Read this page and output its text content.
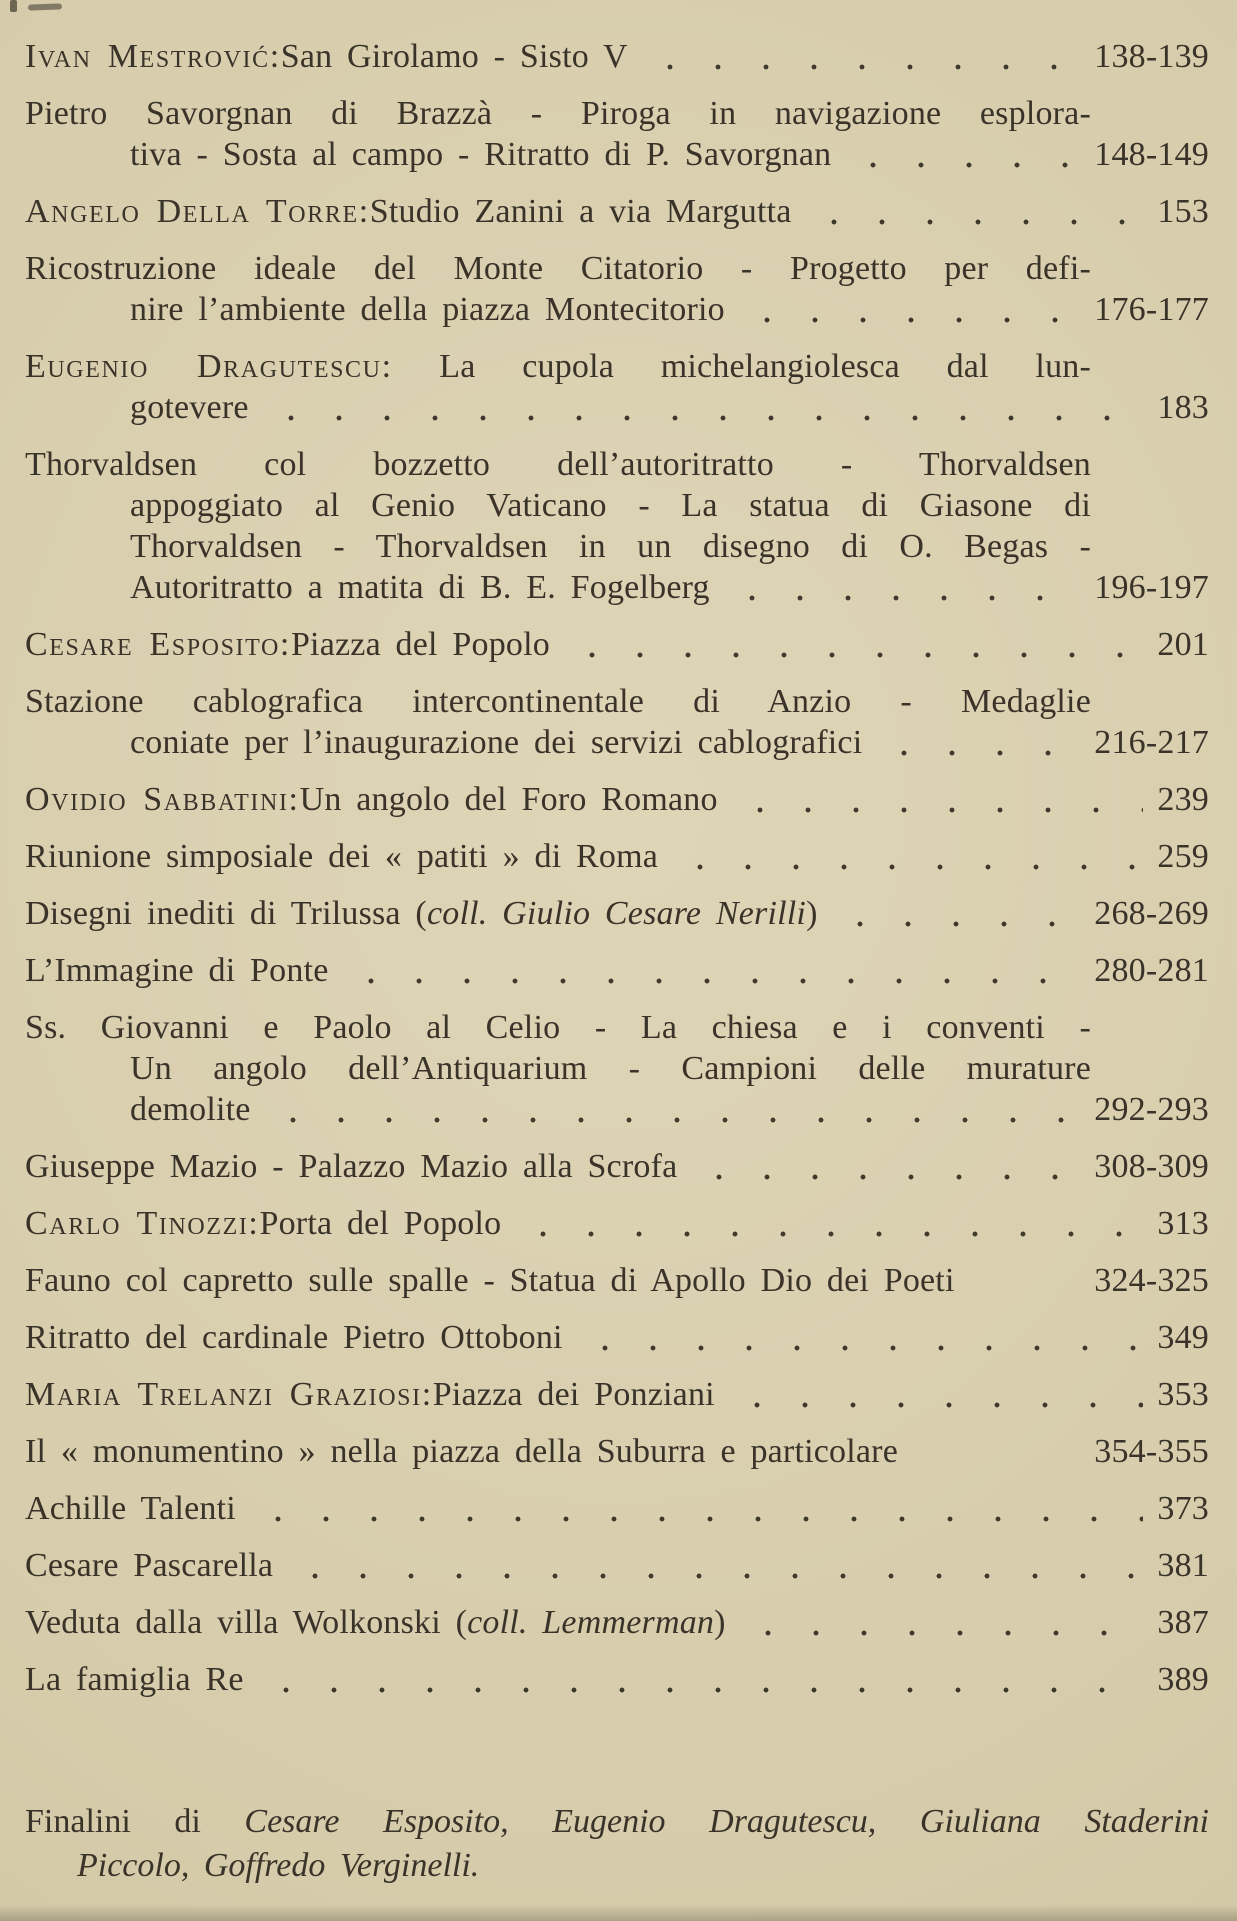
Ivan Mestrović: San Girolamo - Sisto V	138-139
Pietro Savorgnan di Brazzà - Piroga in navigazione esplora-
tiva - Sosta al campo - Ritratto di P. Savorgnan	148-149
Angelo Della Torre: Studio Zanini a via Margutta	153
Ricostruzione ideale del Monte Citatorio - Progetto per defi-
nire l’ambiente della piazza Montecitorio	176-177
Eugenio Dragutescu: La cupola michelangiolesca dal lun-
gotevere	183
Thorvaldsen col bozzetto dell’autoritratto - Thorvaldsen
appoggiato al Genio Vaticano - La statua di Giasone di
Thorvaldsen - Thorvaldsen in un disegno di O. Begas -
Autoritratto a matita di B. E. Fogelberg	196-197
Cesare Esposito: Piazza del Popolo	201
Stazione cablografica intercontinentale di Anzio - Medaglie
coniate per l’inaugurazione dei servizi cablografici	216-217
Ovidio Sabbatini: Un angolo del Foro Romano	239
Riunione simposiale dei « patiti » di Roma	259
Disegni inediti di Trilussa ( coll. Giulio Cesare Nerilli )	268-269
L’Immagine di Ponte	280-281
Ss. Giovanni e Paolo al Celio - La chiesa e i conventi -
Un angolo dell’Antiquarium - Campioni delle murature
demolite	292-293
Giuseppe Mazio - Palazzo Mazio alla Scrofa	308-309
Carlo Tinozzi: Porta del Popolo	313
Fauno col capretto sulle spalle - Statua di Apollo Dio dei Poeti	324-325
Ritratto del cardinale Pietro Ottoboni	349
Maria Trelanzi Graziosi: Piazza dei Ponziani	353
Il « monumentino » nella piazza della Suburra e particolare	354-355
Achille Talenti	373
Cesare Pascarella	381
Veduta dalla villa Wolkonski ( coll. Lemmerman )	387
La famiglia Re	389
Finalini di Cesare Esposito, Eugenio Dragutescu, Giuliana Staderini
Piccolo, Goffredo Verginelli.
